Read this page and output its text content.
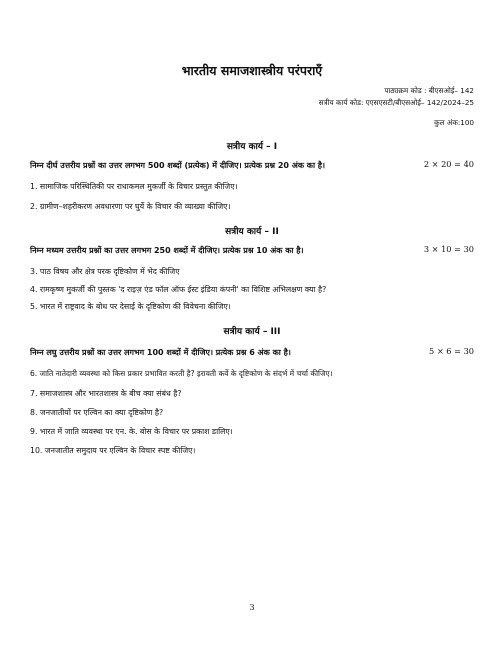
भारतीय समाजशास्त्रीय परंपराएँ
पाठ्यक्रम कोड : बीएसओई– 142
सत्रीय कार्य कोड: एएसएसटी/बीएसओई– 142/2024–25
कुल अंक:100
सत्रीय कार्य – I
निम्न दीर्घ उत्तरीय प्रश्नों का उत्तर लगभग 500 शब्दों (प्रत्येक) में दीजिए। प्रत्येक प्रश्न 20 अंक का है।	2 × 20 = 40
1. सामाजिक परिस्थितिकी पर राधाकमल मुकर्जी के विचार प्रस्तुत कीजिए।
2. ग्रामीण–शहरीकरण अवधारणा पर घुर्ये के विचार की व्याख्या कीजिए।
सत्रीय कार्य – II
निम्न मध्यम उत्तरीय प्रश्नों का उत्तर लगभग 250 शब्दों में दीजिए। प्रत्येक प्रश्न 10 अंक का है।	3 × 10 = 30
3. पाठ विषय और क्षेत्र परक दृष्टिकोण में भेद कीजिए
4. रामकृष्ण मुकर्जी की पुस्तक 'द राइज़ एंड फॉल ऑफ ईस्ट इंडिया कंपनी' का विशिष्ट अभिलक्षण क्या है?
5. भारत में राष्ट्रवाद के बोध पर देसाई के दृष्टिकोण की विवेचना कीजिए।
सत्रीय कार्य – III
निम्न लघु उत्तरीय प्रश्नों का उत्तर लगभग 100 शब्दों में दीजिए। प्रत्येक प्रश्न 6 अंक का है।	5 × 6 = 30
6. जाति नातेदारी व्यवस्था को किस प्रकार प्रभावित करती है? इरावती कर्वे के दृष्टिकोण के संदर्भ में चर्चा कीजिए।
7. समाजशास्त्र और भारतशास्त्र के बीच क्या संबंध है?
8. जनजातीयों पर एल्विन का क्या दृष्टिकोण है?
9. भारत में जाति व्यवस्था पर एन. के. बोस के विचार पर प्रकाश डालिए।
10. जनजातीत समुदाय पर एल्विन के विचार स्पष्ट कीजिए।
3
